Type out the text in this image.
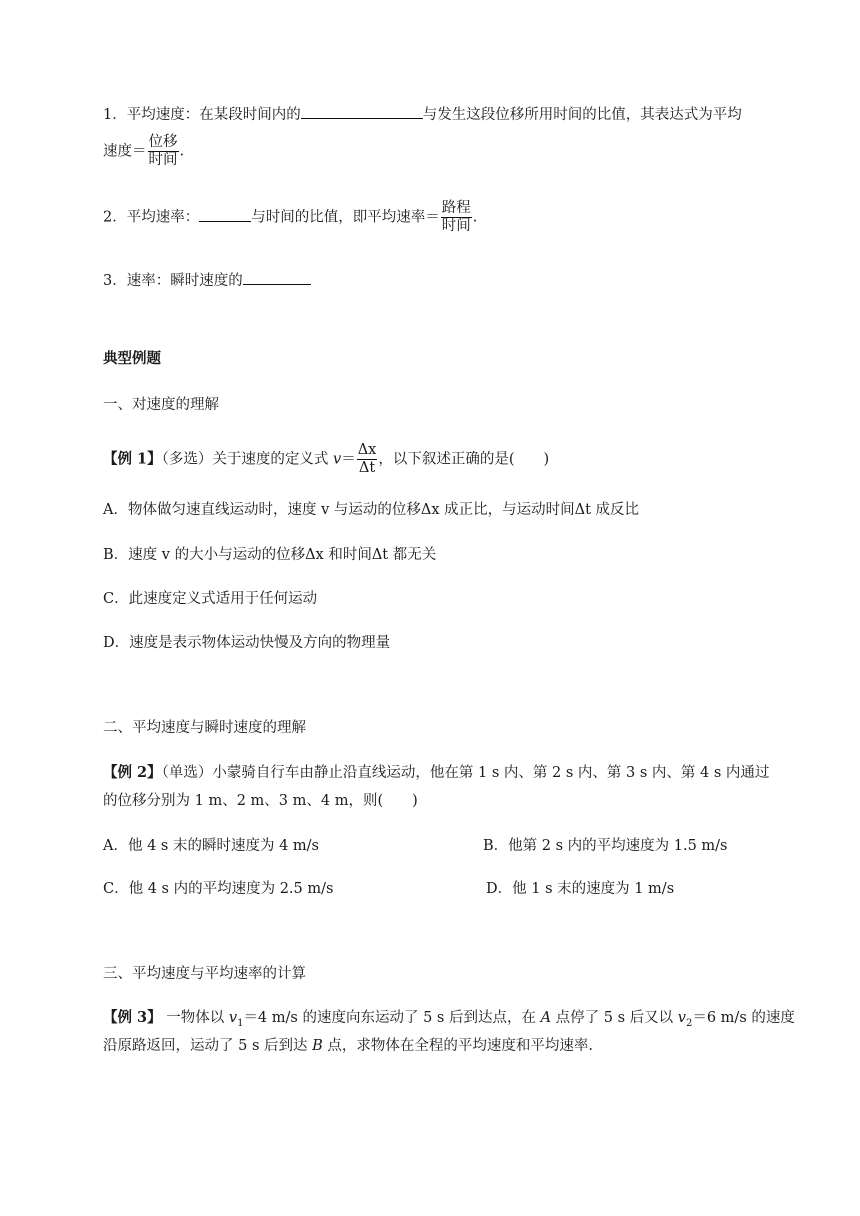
1．平均速度：在某段时间内的	与发生这段位移所用时间的比值，其表达式为平均
速度＝ $\frac{\text{位移}}{\text{时间}}$ .
2．平均速率：	与时间的比值，即平均速率＝ $\frac{\text{路程}}{\text{时间}}$ .
3．速率：瞬时速度的
典型例题
一、对速度的理解
【例 1】（多选）关于速度的定义式 $v= \frac{\Delta x}{\Delta t}$ ，以下叙述正确的是(　　)
A．物体做匀速直线运动时，速度 v 与运动的位移Δx 成正比，与运动时间Δt 成反比
B．速度 v 的大小与运动的位移Δx 和时间Δt 都无关
C．此速度定义式适用于任何运动
D．速度是表示物体运动快慢及方向的物理量
二、平均速度与瞬时速度的理解
【例 2】（单选）小蒙骑自行车由静止沿直线运动，他在第 1 s 内、第 2 s 内、第 3 s 内、第 4 s 内通过
的位移分别为 1 m、2 m、3 m、4 m，则(　　)
A．他 4 s 末的瞬时速度为 4 m/s	B．他第 2 s 内的平均速度为 1.5 m/s
C．他 4 s 内的平均速度为 2.5 m/s	D．他 1 s 末的速度为 1 m/s
三、平均速度与平均速率的计算
【例 3】 一物体以 $v_1=4$ m/s 的速度向东运动了 5 s 后到达点，在 A 点停了 5 s 后又以 $v_2=6$ m/s 的速度
沿原路返回，运动了 5 s 后到达 B 点，求物体在全程的平均速度和平均速率.
